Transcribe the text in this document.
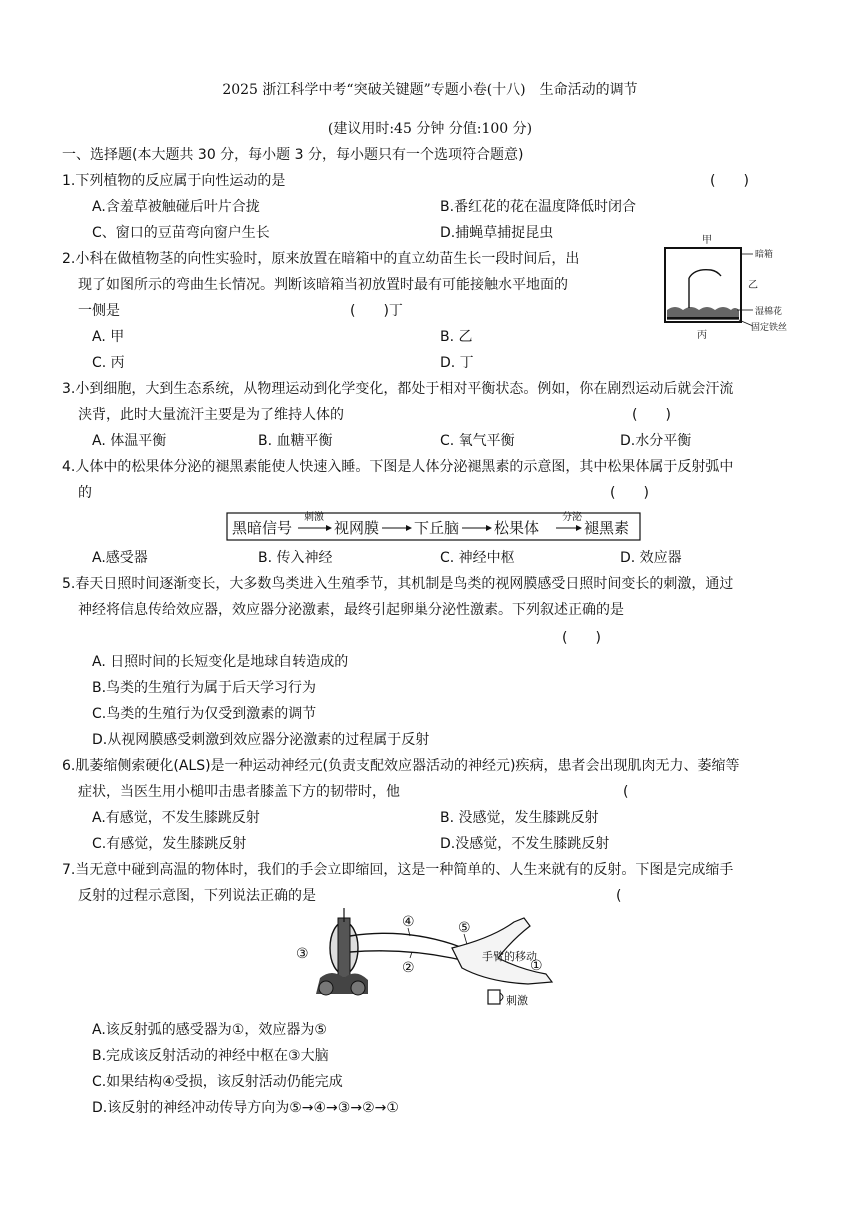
2025 浙江科学中考“突破关键题”专题小卷(十八)　生命活动的调节
(建议用时:45 分钟 分值:100 分)
一、选择题(本大题共 30 分，每小题 3 分，每小题只有一个选项符合题意)
1.下列植物的反应属于向性运动的是	(　　)
A.含羞草被触碰后叶片合拢	B.番红花的花在温度降低时闭合
C、窗口的豆苗弯向窗户生长	D.捕蝇草捕捉昆虫
2.小科在做植物茎的向性实验时，原来放置在暗箱中的直立幼苗生长一段时间后，出
现了如图所示的弯曲生长情况。判断该暗箱当初放置时最有可能接触水平地面的
一侧是	(　　)丁
A. 甲	B. 乙
C. 丙	D. 丁
甲
暗箱
乙
湿棉花
固定铁丝
丙
3.小到细胞，大到生态系统，从物理运动到化学变化，都处于相对平衡状态。例如，你在剧烈运动后就会汗流
浃背，此时大量流汗主要是为了维持人体的	(　　)
A. 体温平衡	B. 血糖平衡	C. 氧气平衡	D.水分平衡
4.人体中的松果体分泌的褪黑素能使人快速入睡。下图是人体分泌褪黑素的示意图，其中松果体属于反射弧中
的	(　　)
黑暗信号
刺激
视网膜 下丘脑 松果体
分泌
褪黑素
A.感受器	B. 传入神经	C. 神经中枢	D. 效应器
5.春天日照时间逐渐变长，大多数鸟类进入生殖季节，其机制是鸟类的视网膜感受日照时间变长的刺激，通过
神经将信息传给效应器，效应器分泌激素，最终引起卵巢分泌性激素。下列叙述正确的是
(　　)
A. 日照时间的长短变化是地球自转造成的
B.鸟类的生殖行为属于后天学习行为
C.鸟类的生殖行为仅受到激素的调节
D.从视网膜感受刺激到效应器分泌激素的过程属于反射
6.肌萎缩侧索硬化(ALS)是一种运动神经元(负责支配效应器活动的神经元)疾病，患者会出现肌肉无力、萎缩等
症状，当医生用小槌叩击患者膝盖下方的韧带时，他	(
A.有感觉，不发生膝跳反射	B. 没感觉，发生膝跳反射
C.有感觉，发生膝跳反射	D.没感觉，不发生膝跳反射
7.当无意中碰到高温的物体时，我们的手会立即缩回，这是一种简单的、人生来就有的反射。下图是完成缩手
反射的过程示意图，下列说法正确的是	(
③
④
②
⑤
手臂的移动
①
刺激
A.该反射弧的感受器为①，效应器为⑤
B.完成该反射活动的神经中枢在③大脑
C.如果结构④受损，该反射活动仍能完成
D.该反射的神经冲动传导方向为⑤→④→③→②→①
